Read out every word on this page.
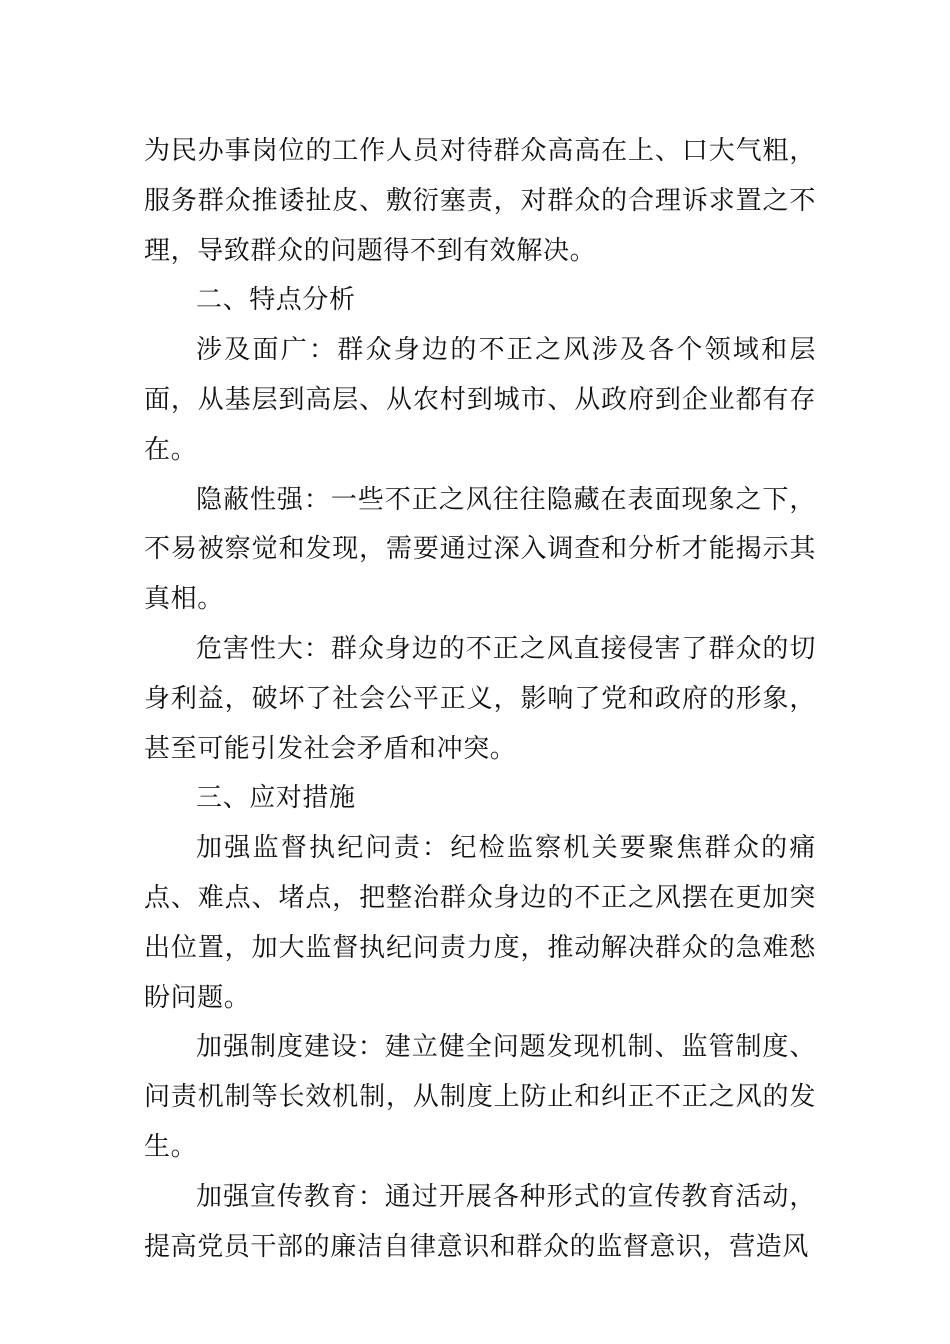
为民办事岗位的工作人员对待群众高高在上、口大气粗，服务群众推诿扯皮、敷衍塞责，对群众的合理诉求置之不理，导致群众的问题得不到有效解决。

二、特点分析

涉及面广：群众身边的不正之风涉及各个领域和层面，从基层到高层、从农村到城市、从政府到企业都有存在。

隐蔽性强：一些不正之风往往隐藏在表面现象之下，不易被察觉和发现，需要通过深入调查和分析才能揭示其真相。

危害性大：群众身边的不正之风直接侵害了群众的切身利益，破坏了社会公平正义，影响了党和政府的形象，甚至可能引发社会矛盾和冲突。

三、应对措施

加强监督执纪问责：纪检监察机关要聚焦群众的痛点、难点、堵点，把整治群众身边的不正之风摆在更加突出位置，加大监督执纪问责力度，推动解决群众的急难愁盼问题。

加强制度建设：建立健全问题发现机制、监管制度、问责机制等长效机制，从制度上防止和纠正不正之风的发生。

加强宣传教育：通过开展各种形式的宣传教育活动，提高党员干部的廉洁自律意识和群众的监督意识，营造风
